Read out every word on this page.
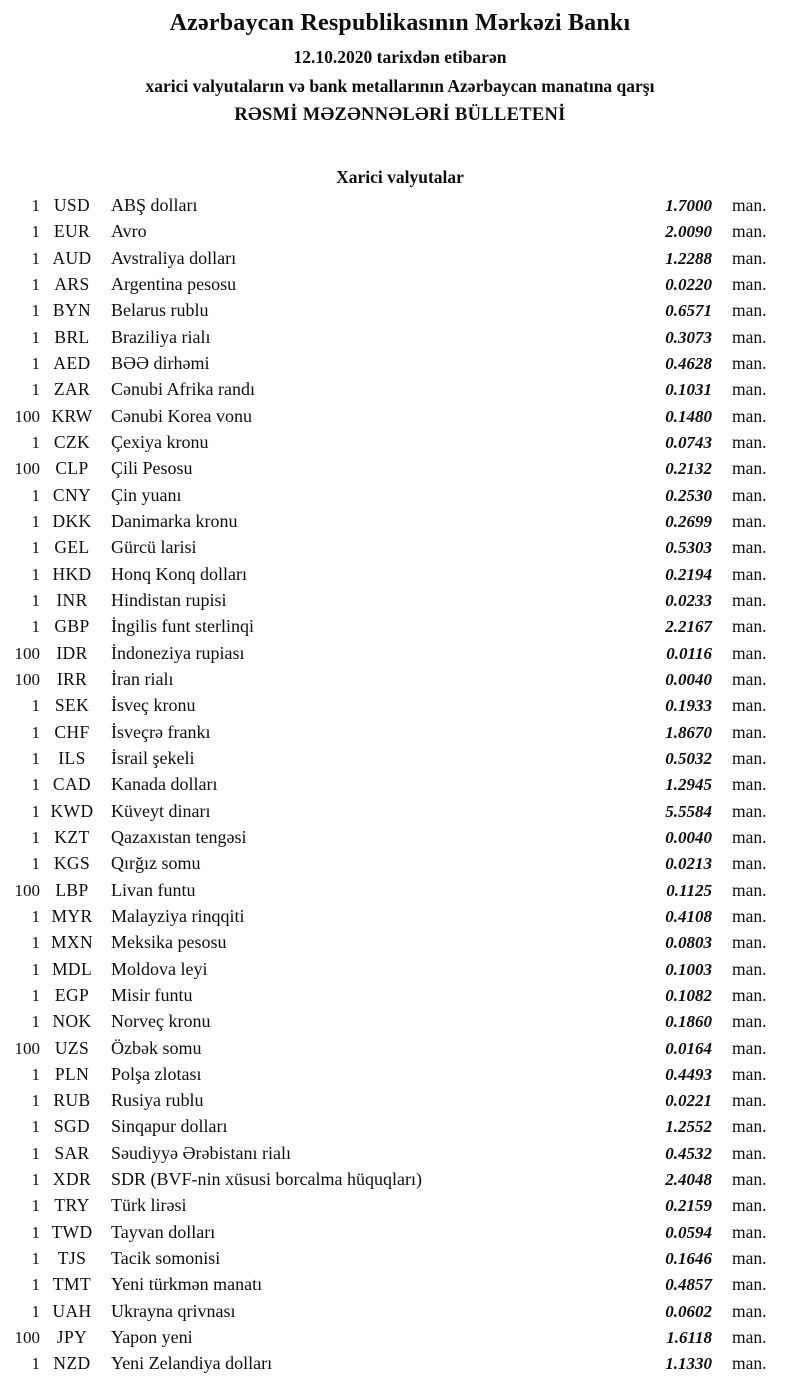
Azərbaycan Respublikasının Mərkəzi Bankı
12.10.2020 tarixdən etibarən
xarici valyutaların və bank metallarının Azərbaycan manatına qarşı
RƏSMİ MƏZƏNNƏLƏRİ BÜLLETENİ
Xarici valyutalar
1 USD	ABŞ dolları	1.7000	man.
1 EUR	Avro	2.0090	man.
1 AUD	Avstraliya dolları	1.2288	man.
1 ARS	Argentina pesosu	0.0220	man.
1 BYN	Belarus rublu	0.6571	man.
1 BRL	Braziliya rialı	0.3073	man.
1 AED	BƏƏ dirhəmi	0.4628	man.
1 ZAR	Cənubi Afrika randı	0.1031	man.
100 KRW	Cənubi Korea vonu	0.1480	man.
1 CZK	Çexiya kronu	0.0743	man.
100 CLP	Çili Pesosu	0.2132	man.
1 CNY	Çin yuanı	0.2530	man.
1 DKK	Danimarka kronu	0.2699	man.
1 GEL	Gürcü larisi	0.5303	man.
1 HKD	Honq Konq dolları	0.2194	man.
1 INR	Hindistan rupisi	0.0233	man.
1 GBP	İngilis funt sterlinqi	2.2167	man.
100 IDR	İndoneziya rupiası	0.0116	man.
100 IRR	İran rialı	0.0040	man.
1 SEK	İsveç kronu	0.1933	man.
1 CHF	İsveçrə frankı	1.8670	man.
1	ILS	İsrail şekeli	0.5032	man.
1 CAD	Kanada dolları	1.2945	man.
1 KWD Küveyt dinarı	5.5584	man.
1 KZT	Qazaxıstan tengəsi	0.0040	man.
1 KGS	Qırğız somu	0.0213	man.
100 LBP	Livan funtu	0.1125	man.
1 MYR	Malayziya rinqqiti	0.4108	man.
1 MXN Meksika pesosu	0.0803	man.
1 MDL	Moldova leyi	0.1003	man.
1 EGP	Misir funtu	0.1082	man.
1 NOK	Norveç kronu	0.1860	man.
100 UZS	Özbək somu	0.0164	man.
1 PLN	Polşa zlotası	0.4493	man.
1 RUB	Rusiya rublu	0.0221	man.
1 SGD	Sinqapur dolları	1.2552	man.
1 SAR	Səudiyyə Ərəbistanı rialı	0.4532	man.
1 XDR	SDR (BVF-nin xüsusi borcalma hüquqları)	2.4048	man.
1 TRY	Türk lirəsi	0.2159	man.
1 TWD	Tayvan dolları	0.0594	man.
1	TJS	Tacik somonisi	0.1646	man.
1 TMT	Yeni türkmən manatı	0.4857	man.
1 UAH	Ukrayna qrivnası	0.0602	man.
100 JPY	Yapon yeni	1.6118	man.
1 NZD	Yeni Zelandiya dolları	1.1330	man.
